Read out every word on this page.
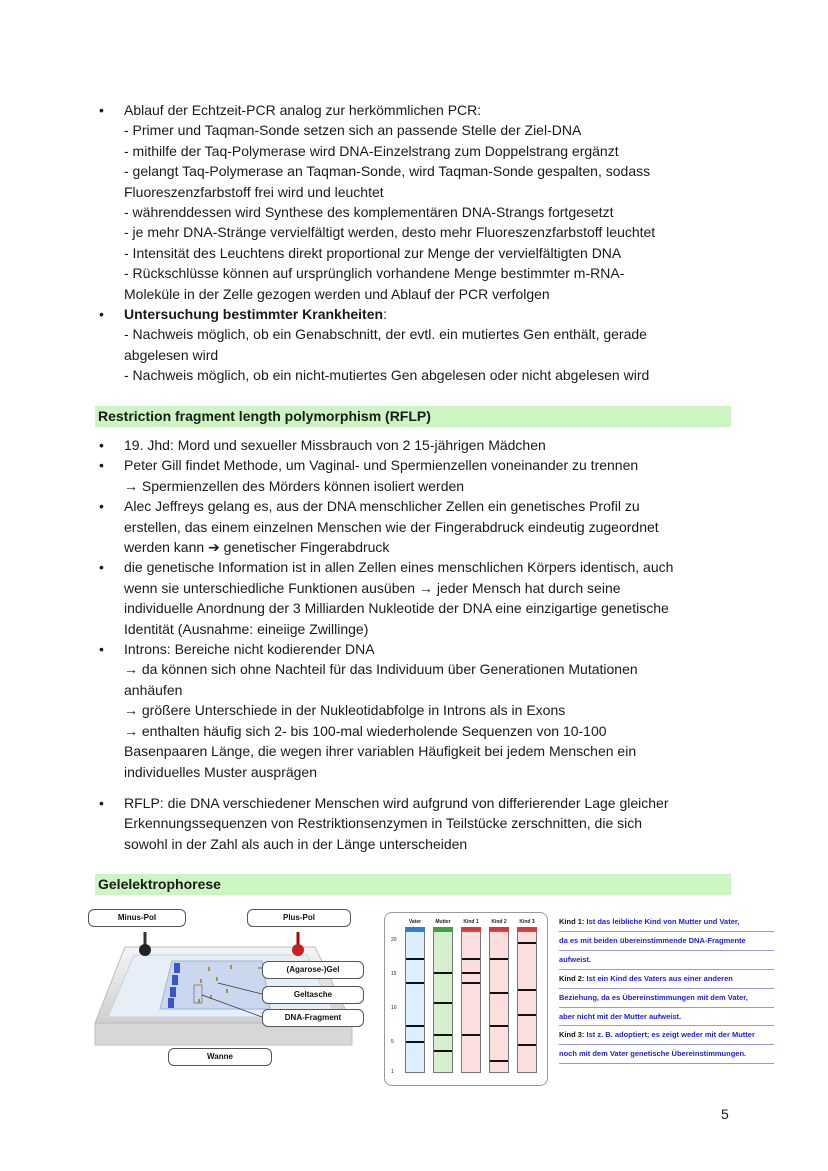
• Ablauf der Echtzeit-PCR analog zur herkömmlichen PCR:
- Primer und Taqman-Sonde setzen sich an passende Stelle der Ziel-DNA
- mithilfe der Taq-Polymerase wird DNA-Einzelstrang zum Doppelstrang ergänzt
- gelangt Taq-Polymerase an Taqman-Sonde, wird Taqman-Sonde gespalten, sodass
Fluoreszenzfarbstoff frei wird und leuchtet
- währenddessen wird Synthese des komplementären DNA-Strangs fortgesetzt
- je mehr DNA-Stränge vervielfältigt werden, desto mehr Fluoreszenzfarbstoff leuchtet
- Intensität des Leuchtens direkt proportional zur Menge der vervielfältigten DNA
- Rückschlüsse können auf ursprünglich vorhandene Menge bestimmter m-RNA-
Moleküle in der Zelle gezogen werden und Ablauf der PCR verfolgen
• Untersuchung bestimmter Krankheiten:
- Nachweis möglich, ob ein Genabschnitt, der evtl. ein mutiertes Gen enthält, gerade
abgelesen wird
- Nachweis möglich, ob ein nicht-mutiertes Gen abgelesen oder nicht abgelesen wird
Restriction fragment length polymorphism (RFLP)
• 19. Jhd: Mord und sexueller Missbrauch von 2 15-jährigen Mädchen
• Peter Gill findet Methode, um Vaginal- und Spermienzellen voneinander zu trennen
→ Spermienzellen des Mörders können isoliert werden
• Alec Jeffreys gelang es, aus der DNA menschlicher Zellen ein genetisches Profil zu
erstellen, das einem einzelnen Menschen wie der Fingerabdruck eindeutig zugeordnet
werden kann ➔ genetischer Fingerabdruck
• die genetische Information ist in allen Zellen eines menschlichen Körpers identisch, auch
wenn sie unterschiedliche Funktionen ausüben → jeder Mensch hat durch seine
individuelle Anordnung der 3 Milliarden Nukleotide der DNA eine einzigartige genetische
Identität (Ausnahme: eineiige Zwillinge)
• Introns: Bereiche nicht kodierender DNA
→ da können sich ohne Nachteil für das Individuum über Generationen Mutationen
anhäufen
→ größere Unterschiede in der Nukleotidabfolge in Introns als in Exons
→ enthalten häufig sich 2- bis 100-mal wiederholende Sequenzen von 10-100
Basenpaaren Länge, die wegen ihrer variablen Häufigkeit bei jedem Menschen ein
individuelles Muster ausprägen
• RFLP: die DNA verschiedener Menschen wird aufgrund von differierender Lage gleicher
Erkennungssequenzen von Restriktionsenzymen in Teilstücke zerschnitten, die sich
sowohl in der Zahl als auch in der Länge unterscheiden
Gelelektrophorese
Minus-Pol	Plus-Pol
(Agarose-)Gel
Geltasche
DNA-Fragment
Wanne
20
15
10
5
1
Vater	Mutter	Kind 1	Kind 2	Kind 3	Kind 1: Ist das leibliche Kind von Mutter und Vater,
da es mit beiden übereinstimmende DNA-Fragmente
aufweist.
Kind 2: Ist ein Kind des Vaters aus einer anderen
Beziehung, da es Übereinstimmungen mit dem Vater,
aber nicht mit der Mutter aufweist.
Kind 3: Ist z. B. adoptiert; es zeigt weder mit der Mutter
noch mit dem Vater genetische Übereinstimmungen.
5
